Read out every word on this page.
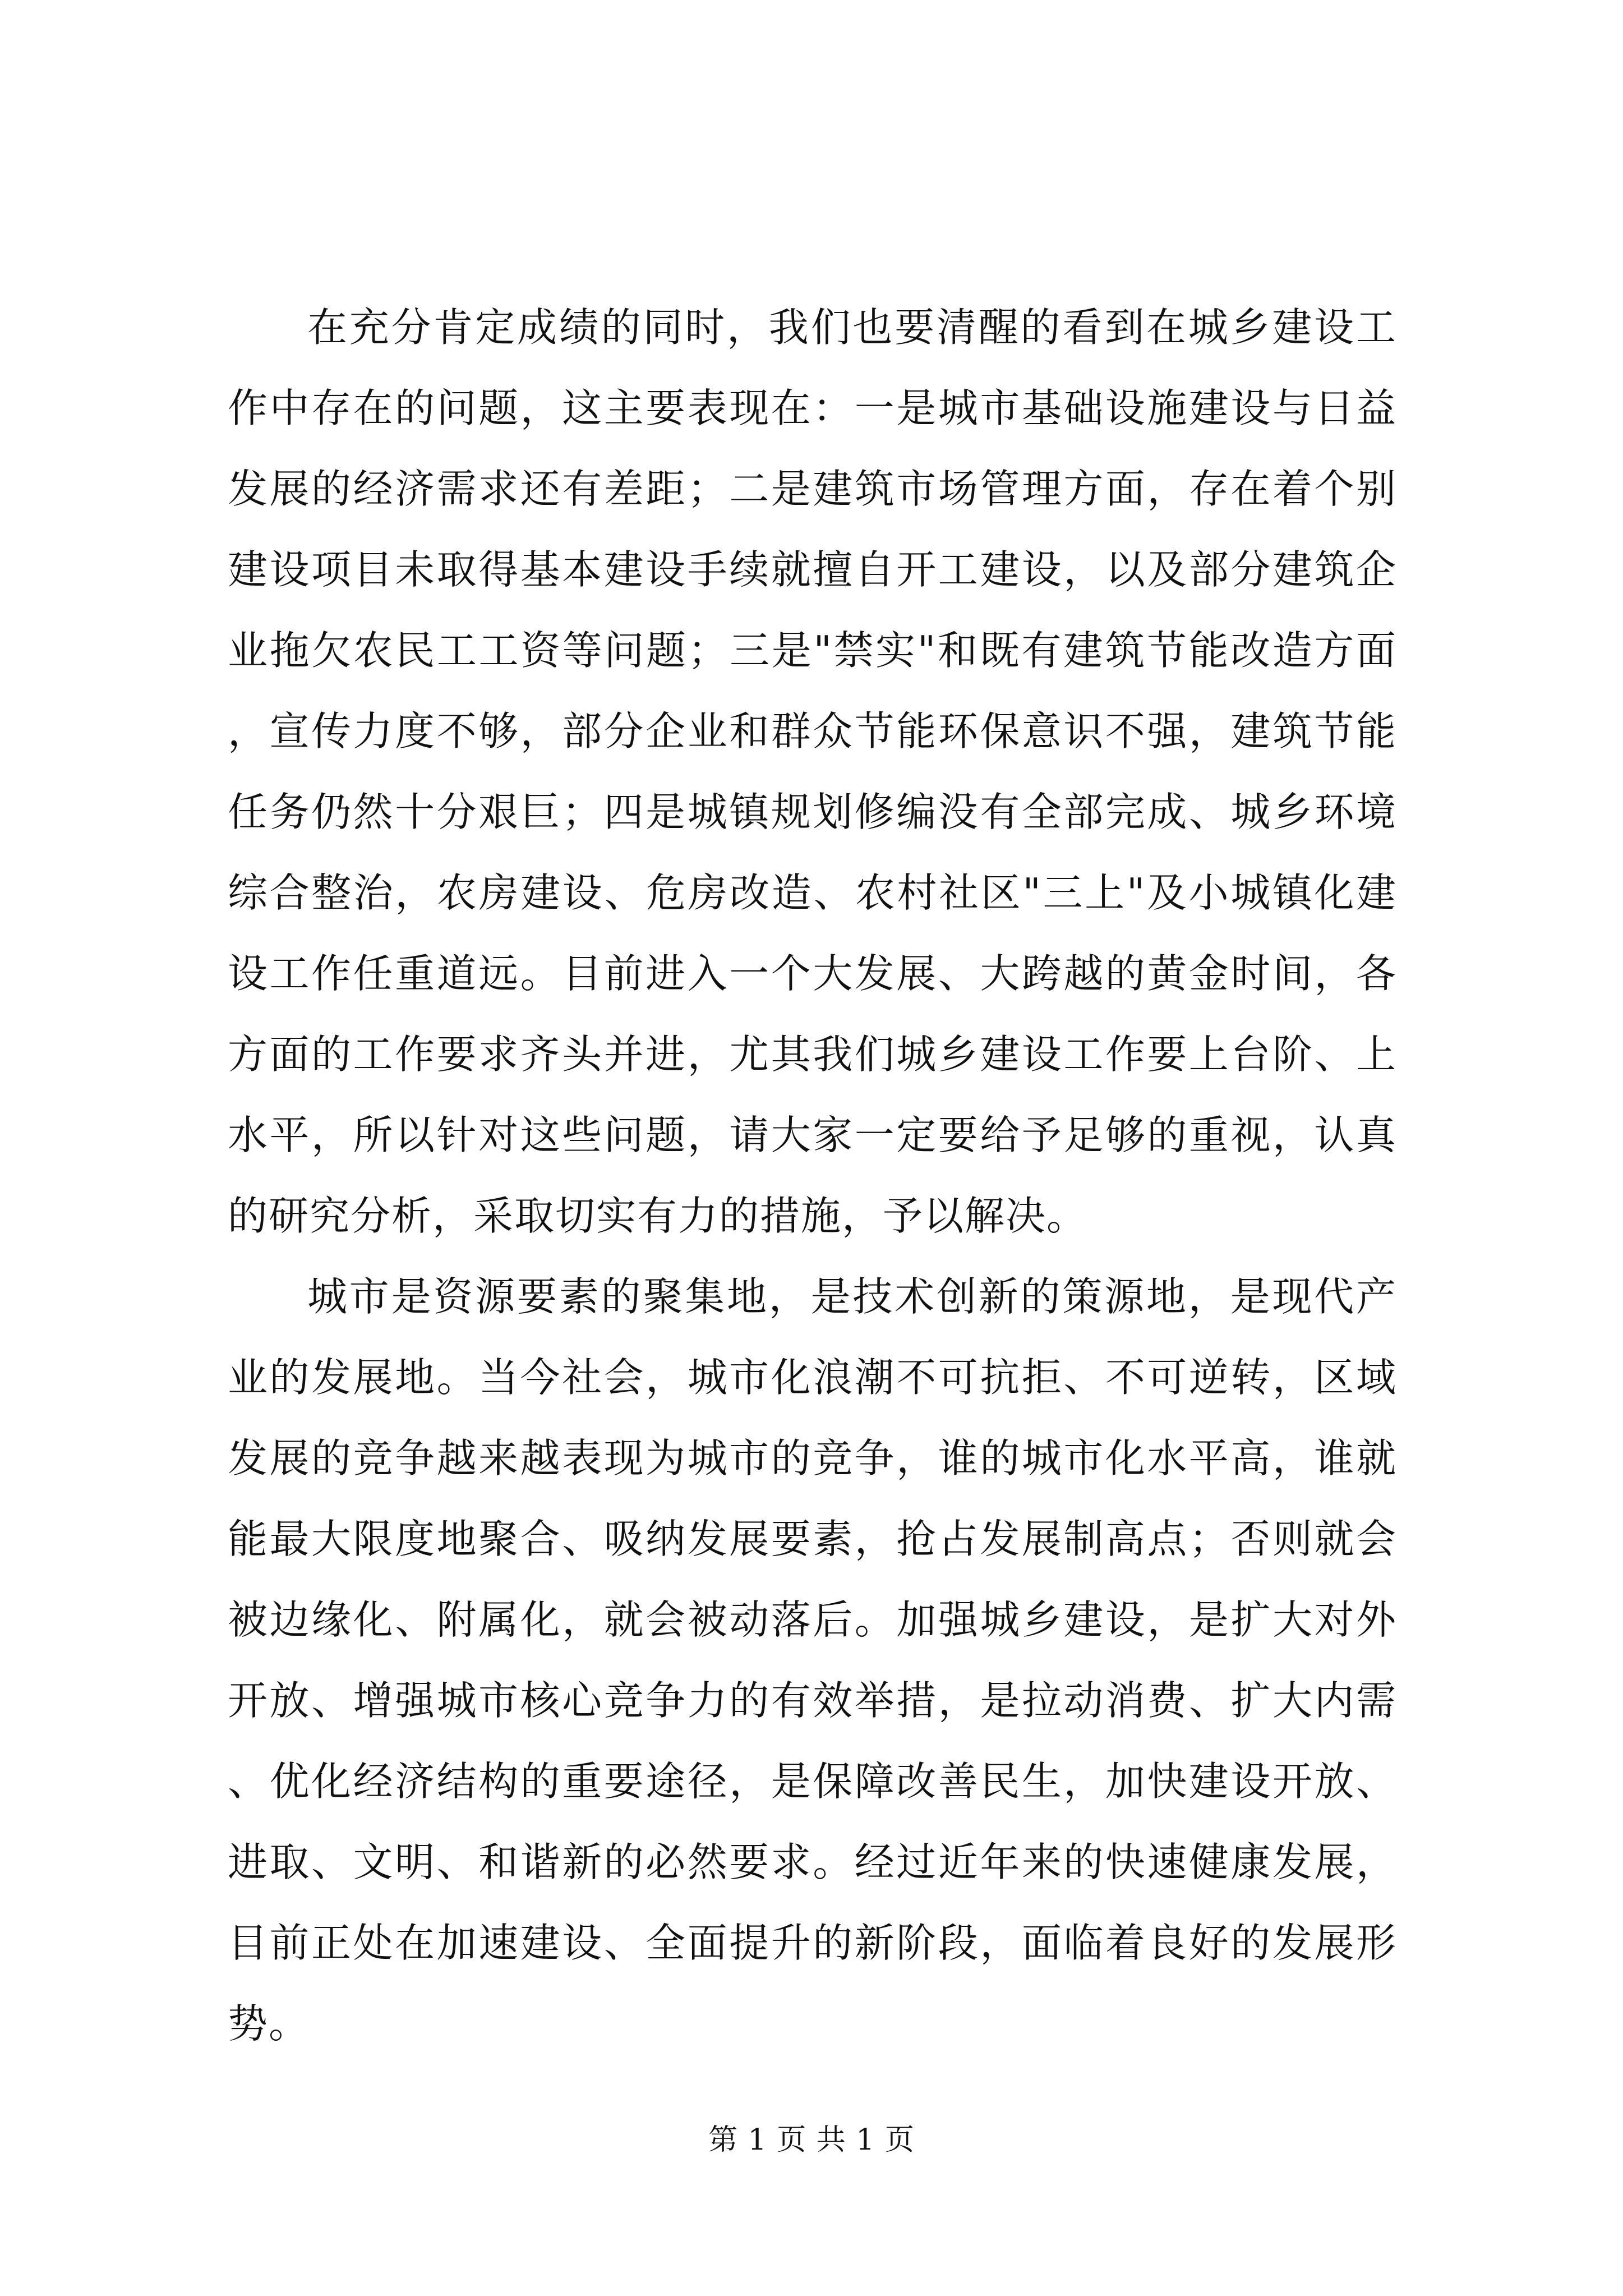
在充分肯定成绩的同时，我们也要清醒的看到在城乡建设工作中存在的问题，这主要表现在：一是城市基础设施建设与日益发展的经济需求还有差距；二是建筑市场管理方面，存在着个别建设项目未取得基本建设手续就擅自开工建设，以及部分建筑企业拖欠农民工工资等问题；三是"禁实"和既有建筑节能改造方面，宣传力度不够，部分企业和群众节能环保意识不强，建筑节能任务仍然十分艰巨；四是城镇规划修编没有全部完成、城乡环境综合整治，农房建设、危房改造、农村社区"三上"及小城镇化建设工作任重道远。目前进入一个大发展、大跨越的黄金时间，各方面的工作要求齐头并进，尤其我们城乡建设工作要上台阶、上水平，所以针对这些问题，请大家一定要给予足够的重视，认真的研究分析，采取切实有力的措施，予以解决。

城市是资源要素的聚集地，是技术创新的策源地，是现代产业的发展地。当今社会，城市化浪潮不可抗拒、不可逆转，区域发展的竞争越来越表现为城市的竞争，谁的城市化水平高，谁就能最大限度地聚合、吸纳发展要素，抢占发展制高点；否则就会被边缘化、附属化，就会被动落后。加强城乡建设，是扩大对外开放、增强城市核心竞争力的有效举措，是拉动消费、扩大内需、优化经济结构的重要途径，是保障改善民生，加快建设开放、进取、文明、和谐新的必然要求。经过近年来的快速健康发展，目前正处在加速建设、全面提升的新阶段，面临着良好的发展形势。

第 1 页 共 1 页
